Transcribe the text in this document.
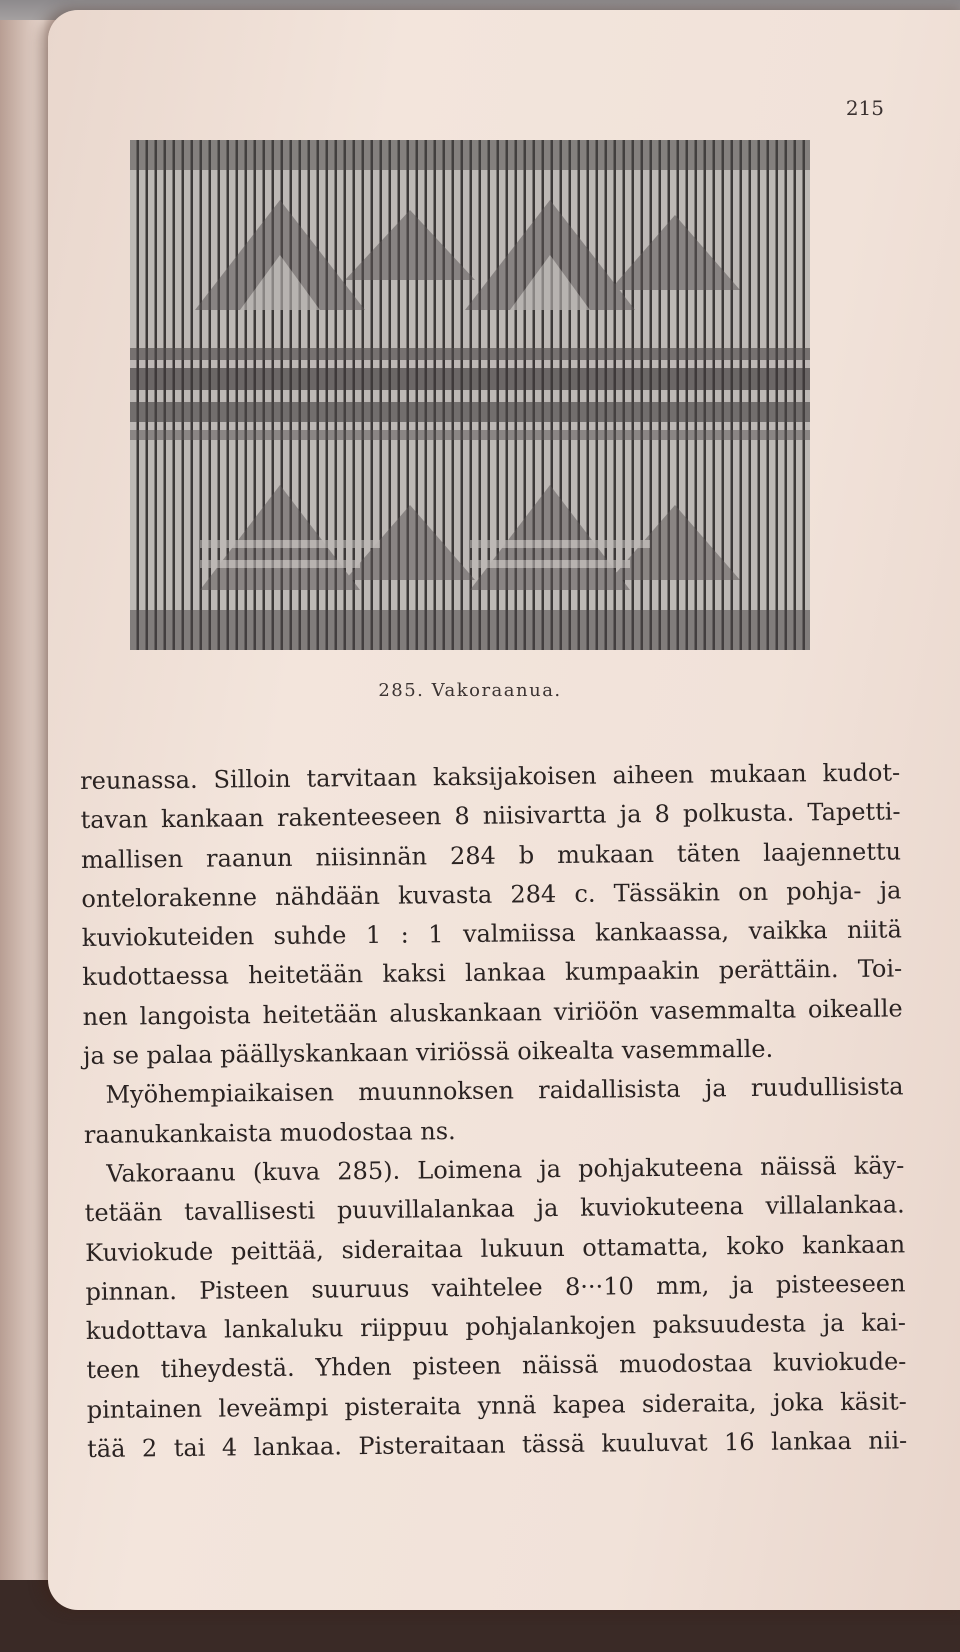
215
285. Vakoraanua.
reunassa. Silloin tarvitaan kaksijakoisen aiheen mukaan kudot-
tavan kankaan rakenteeseen 8 niisivartta ja 8 polkusta. Tapetti-
mallisen raanun niisinnän 284 b mukaan täten laajennettu
ontelorakenne nähdään kuvasta 284 c. Tässäkin on pohja- ja
kuviokuteiden suhde 1 : 1 valmiissa kankaassa, vaikka niitä
kudottaessa heitetään kaksi lankaa kumpaakin perättäin. Toi-
nen langoista heitetään aluskankaan viriöön vasemmalta oikealle
ja se palaa päällyskankaan viriössä oikealta vasemmalle.
Myöhempiaikaisen muunnoksen raidallisista ja ruudullisista
raanukankaista muodostaa ns.
Vakoraanu (kuva 285). Loimena ja pohjakuteena näissä käy-
tetään tavallisesti puuvillalankaa ja kuviokuteena villalankaa.
Kuviokude peittää, sideraitaa lukuun ottamatta, koko kankaan
pinnan. Pisteen suuruus vaihtelee 8···10 mm, ja pisteeseen
kudottava lankaluku riippuu pohjalankojen paksuudesta ja kai-
teen tiheydestä. Yhden pisteen näissä muodostaa kuviokude-
pintainen leveämpi pisteraita ynnä kapea sideraita, joka käsit-
tää 2 tai 4 lankaa. Pisteraitaan tässä kuuluvat 16 lankaa nii-
